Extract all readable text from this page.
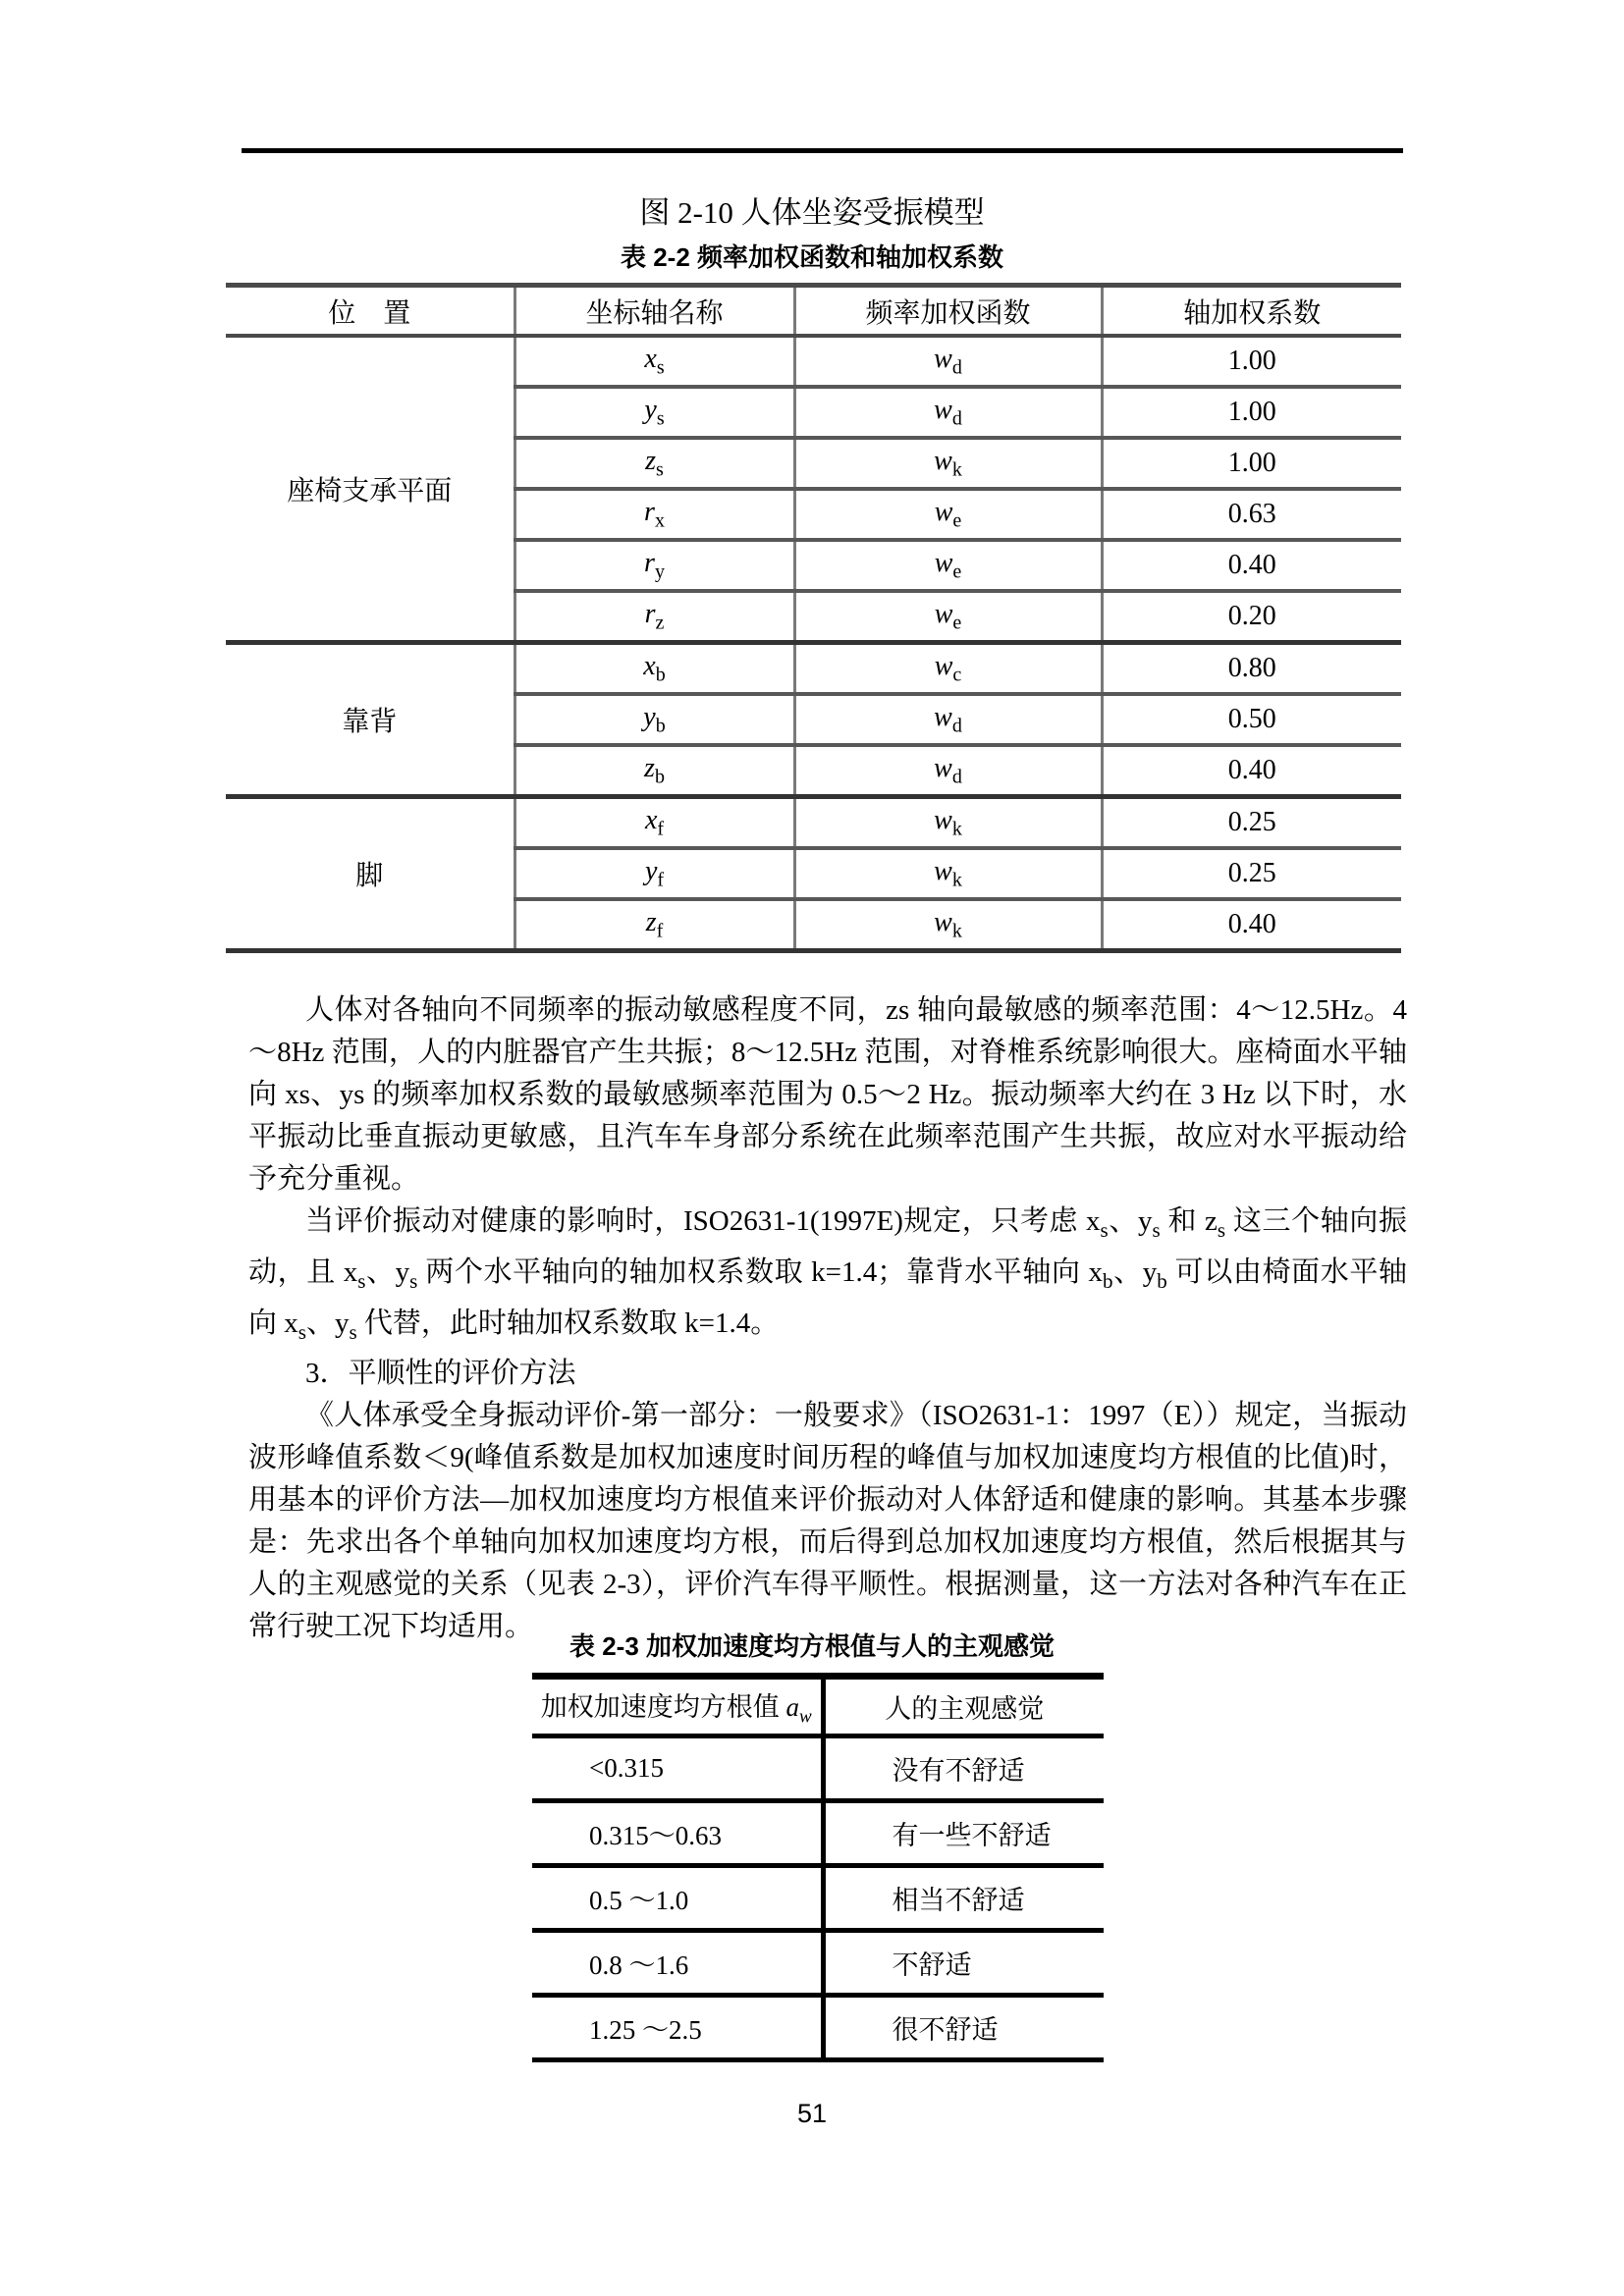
图 2-10 人体坐姿受振模型
表 2-2 频率加权函数和轴加权系数
位　置	坐标轴名称	频率加权函数	轴加权系数
座椅支承平面	$x_s$	$w_d$	1.00
	$y_s$	$w_d$	1.00
	$z_s$	$w_k$	1.00
	$r_x$	$w_e$	0.63
	$r_y$	$w_e$	0.40
	$r_z$	$w_e$	0.20
靠背	$x_b$	$w_c$	0.80
	$y_b$	$w_d$	0.50
	$z_b$	$w_d$	0.40
脚	$x_f$	$w_k$	0.25
	$y_f$	$w_k$	0.25
	$z_f$	$w_k$	0.40

人体对各轴向不同频率的振动敏感程度不同，zs 轴向最敏感的频率范围：4～12.5Hz。4～8Hz 范围，人的内脏器官产生共振；8～12.5Hz 范围，对脊椎系统影响很大。座椅面水平轴向 xs、ys 的频率加权系数的最敏感频率范围为 0.5～2 Hz。振动频率大约在 3 Hz 以下时，水平振动比垂直振动更敏感，且汽车车身部分系统在此频率范围产生共振，故应对水平振动给予充分重视。

当评价振动对健康的影响时，ISO2631-1(1997E)规定，只考虑 $x_s$、$y_s$ 和 $z_s$ 这三个轴向振动，且 $x_s$、$y_s$ 两个水平轴向的轴加权系数取 k=1.4；靠背水平轴向 $x_b$、$y_b$ 可以由椅面水平轴向 $x_s$、$y_s$ 代替，此时轴加权系数取 k=1.4。

3．平顺性的评价方法

《人体承受全身振动评价-第一部分：一般要求》（ISO2631-1：1997（E））规定，当振动波形峰值系数＜9(峰值系数是加权加速度时间历程的峰值与加权加速度均方根值的比值)时，用基本的评价方法—加权加速度均方根值来评价振动对人体舒适和健康的影响。其基本步骤是：先求出各个单轴向加权加速度均方根，而后得到总加权加速度均方根值，然后根据其与人的主观感觉的关系（见表 2-3），评价汽车得平顺性。根据测量，这一方法对各种汽车在正常行驶工况下均适用。

表 2-3 加权加速度均方根值与人的主观感觉
加权加速度均方根值 $a_w$	人的主观感觉
<0.315	没有不舒适
0.315～0.63	有一些不舒适
0.5 ～1.0	相当不舒适
0.8 ～1.6	不舒适
1.25 ～2.5	很不舒适
51
